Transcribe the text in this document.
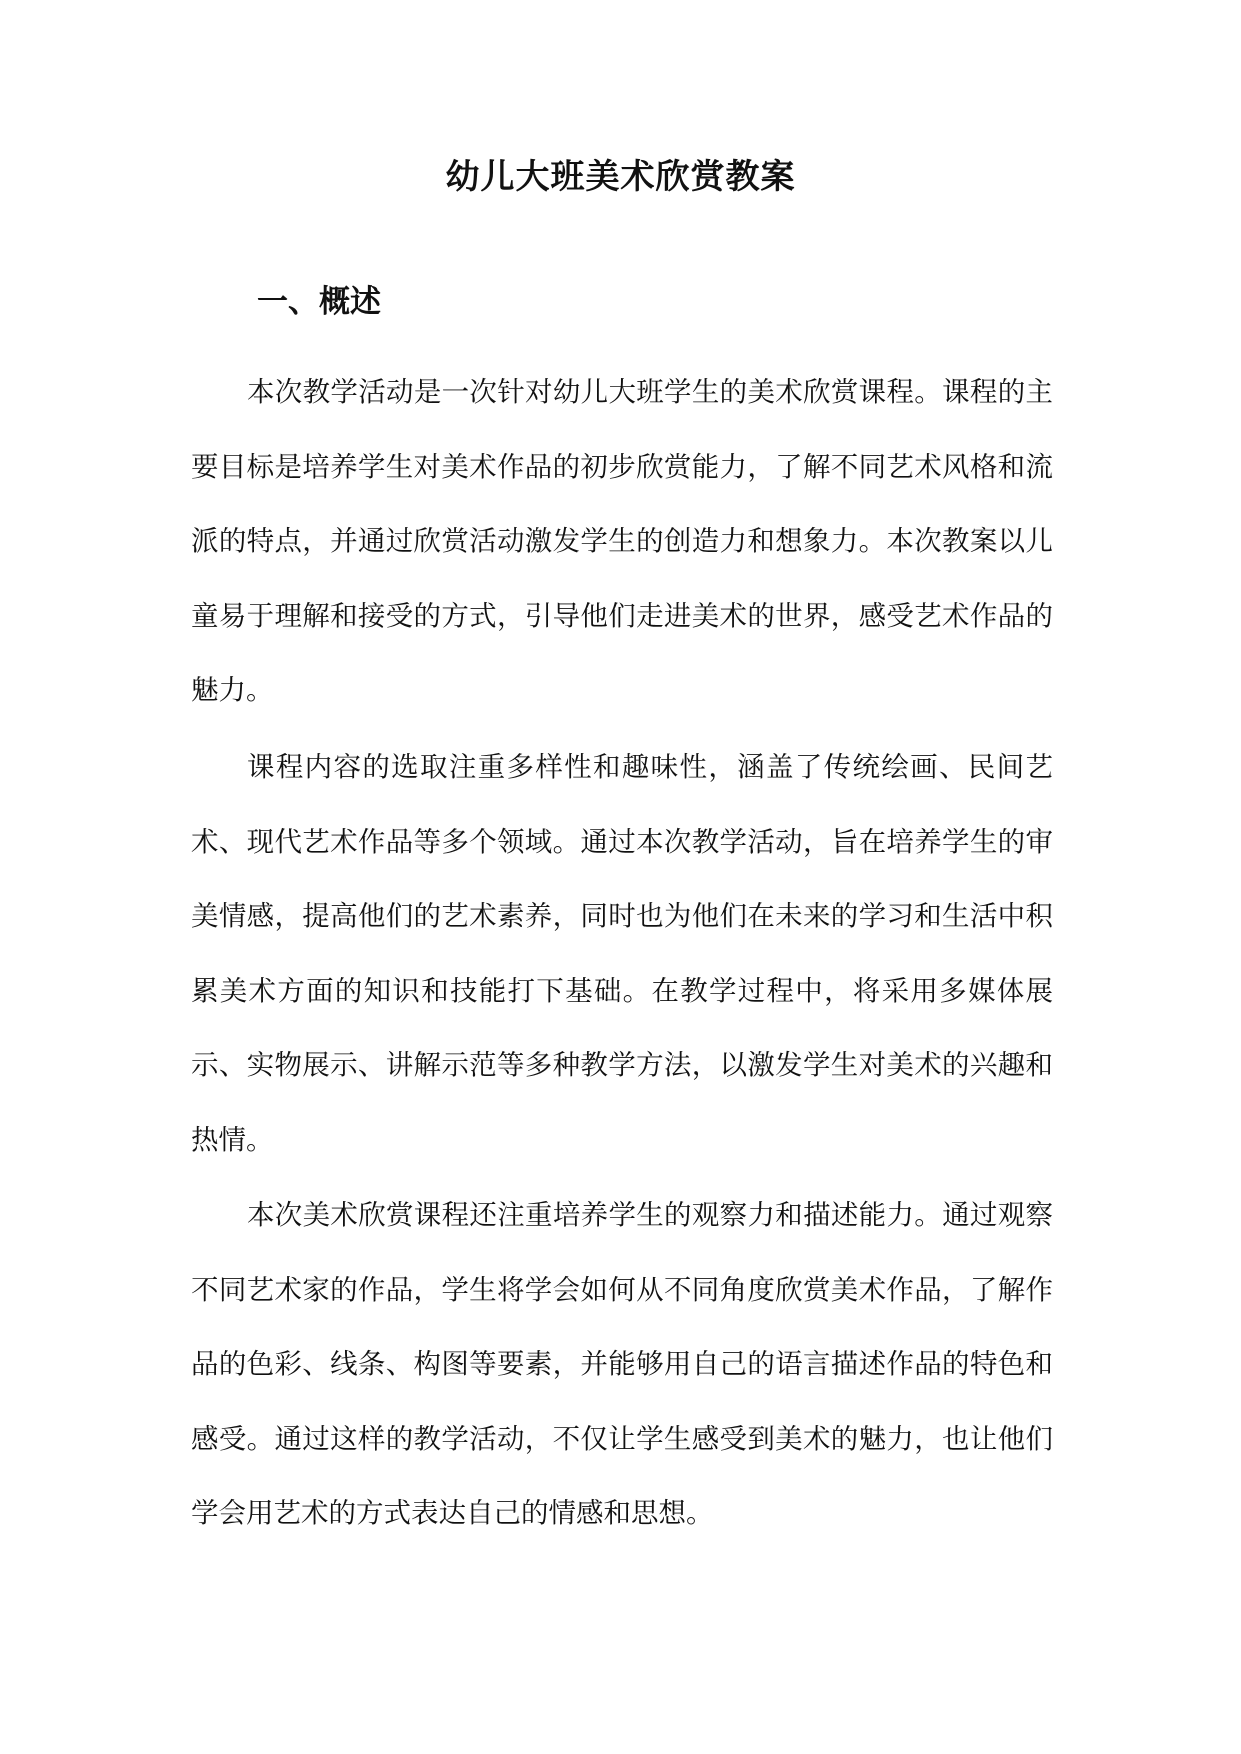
幼儿大班美术欣赏教案
一、概述

本次教学活动是一次针对幼儿大班学生的美术欣赏课程。课程的主要目标是培养学生对美术作品的初步欣赏能力，了解不同艺术风格和流派的特点，并通过欣赏活动激发学生的创造力和想象力。本次教案以儿童易于理解和接受的方式，引导他们走进美术的世界，感受艺术作品的魅力。

课程内容的选取注重多样性和趣味性，涵盖了传统绘画、民间艺术、现代艺术作品等多个领域。通过本次教学活动，旨在培养学生的审美情感，提高他们的艺术素养，同时也为他们在未来的学习和生活中积累美术方面的知识和技能打下基础。在教学过程中，将采用多媒体展示、实物展示、讲解示范等多种教学方法，以激发学生对美术的兴趣和热情。

本次美术欣赏课程还注重培养学生的观察力和描述能力。通过观察不同艺术家的作品，学生将学会如何从不同角度欣赏美术作品，了解作品的色彩、线条、构图等要素，并能够用自己的语言描述作品的特色和感受。通过这样的教学活动，不仅让学生感受到美术的魅力，也让他们学会用艺术的方式表达自己的情感和思想。
